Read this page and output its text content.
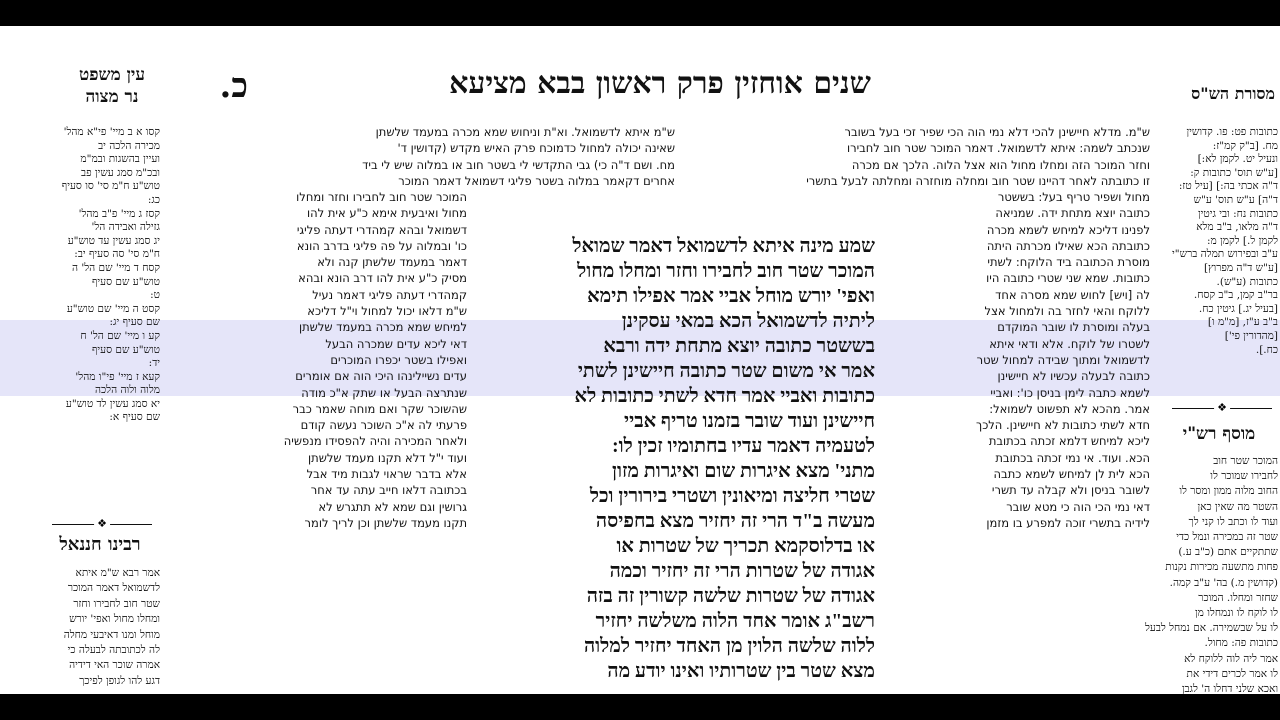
כ.	שנים אוחזין פרק ראשון בבא מציעא
עין משפט
נר מצוה	מסורת הש"ס
קסו א ב מיי' פי"א מהל'
מכירה הלכה יב
ועיין בהשגות ובמ"מ
ובכ"מ סמג עשין פב
טוש"ע ח"מ סי' סו סעיף
כג:
קסז ג מיי' פ"ב מהל'
גזילה ואבידה הל'
יג סמג עשין עד טוש"ע
ח"מ סי' סה סעיף יב:
קסח ד מיי' שם הל' ה
טוש"ע שם סעיף
ט:
קסט ה מיי' שם טוש"ע
שם סעיף יג:
קע ו מיי' שם הל' ח
טוש"ע שם סעיף
יד:
קעא ז מיי' פי"ו מהל'
מלוה ולוה הלכה
יא סמג עשין לד טוש"ע
שם סעיף א:
❖
רבינו חננאל
אמר רבא ש"מ איתא
לדשמואל דאמר המוכר
שטר חוב לחבירו וחזר
ומחלו מחול ואפי' יורש
מוחל ומנו דאיבעי מחלה
לה לכתובתה לבעלה כי
אמרה שוכר האי דידיה
דגע להו לגופן לפיכך
ש"מ איתא לדשמואל. וא"ת וניחוש שמא מכרה במעמד שלשתן
שאינה יכולה למחול כדמוכח פרק האיש מקדש (קדושין ד'
מח. ושם ד"ה כי) גבי התקדשי לי בשטר חוב או במלוה שיש לי ביד
אחרים דקאמר במלוה בשטר פליגי דשמואל דאמר המוכר
המוכר שטר חוב לחבירו וחזר ומחלו
מחול ואיבעית אימא כ"ע אית להו
דשמואל ובהא קמהדרי דעתה פליגי
כו' ובמלוה על פה פליגי בדרב הונא
דאמר במעמד שלשתן קנה ולא
מסיק כ"ע אית להו דרב הונא ובהא
קמהדרי דעתה פליגי דאמר נעיל
ש"מ דלאו יכול למחול וי"ל דליכא
למיחש שמא מכרה במעמד שלשתן
דאי ליכא עדים שמכרה הבעל
ואפילו בשטר יכפרו המוכרים
עדים נשיילינהו היכי הוה אם אומרים
שנתרצה הבעל או שתק א"כ מודה
שהשוכר שקר ואם מוחה שאמר כבר
פרעתי לה א"כ השוכר נעשה קודם
ולאחר המכירה והיה להפסידו מנפשיה
ועוד י"ל דלא תקנו מעמד שלשתן
אלא בדבר שראוי לגבות מיד אבל
בכתובה דלאו חייב עתה עד אחר
גרושין וגם שמא לא תתגרש לא
תקנו מעמד שלשתן וכן לריך לומר
שמע מינה איתא לדשמואל דאמר שמואל
המוכר שטר חוב לחבירו וחזר ומחלו מחול
ואפי' יורש מוחל אביי אמר אפילו תימא
ליתיה לדשמואל הכא במאי עסקינן
בששטר כתובה יוצא מתחת ידה ורבא
אמר אי משום שטר כתובה חיישינן לשתי
כתובות ואביי אמר חדא לשתי כתובות לא
חיישינן ועוד שובר בזמנו טריף אביי
לטעמיה דאמר עדיו בחתומיו זכין לו:
מתני' מצא איגרות שום ואיגרות מזון
שטרי חליצה ומיאונין ושטרי בירורין וכל
מעשה ב"ד הרי זה יחזיר מצא בחפיסה
או בדלוסקמא תכריך של שטרות או
אגודה של שטרות הרי זה יחזיר וכמה
אגודה של שטרות שלשה קשורין זה בזה
רשב"ג אומר אחד הלוה משלשה יחזיר
ללוה שלשה הלוין מן האחד יחזיר למלוה
מצא שטר בין שטרותיו ואינו יודע מה
ש"מ. מדלא חיישינן להכי דלא נמי הוה הכי שפיר זכי בעל בשובר
שנכתב לשמה: איתא לדשמואל. דאמר המוכר שטר חוב לחבירו
וחזר המוכר הזה ומחלו מחול הוא אצל הלוה. הלכך אם מכרה
זו כתובתה לאחר דהיינו שטר חוב ומחלה מוחזרה ומחלתה לבעל בתשרי
מחול ושפיר טריף בעל: בששטר
כתובה יוצא מתחת ידה. שמניאה
לפנינו דליכא למיחש לשמא מכרה
כתובתה הכא שאילו מכרתה היתה
מוסרת הכתובה ביד הלוקח: לשתי
כתובות. שמא שני שטרי כתובה היו
לה [ויש] לחוש שמא מסרה אחד
ללוקח והאי לחזר בה ולמחול אצל
בעלה ומוסרת לו שובר המוקדם
לשטרו של לוקח. אלא ודאי איתא
לדשמואל ומתוך שבידה למחול שטר
כתובה לבעלה עכשיו לא חיישינן
לשמא כתבה לימן בניסן כו': ואביי
אמר. מהכא לא תפשוט לשמואל:
חדא לשתי כתובות לא חיישינן. הלכך
ליכא למיחש דלמא זכתה בכתובת
הכא. ועוד. אי נמי זכתה בכתובת
הכא לית לן למיחש לשמא כתבה
לשובר בניסן ולא קבלה עד תשרי
דאי נמי הכי הוה כי מטא שובר
לידיה בתשרי זוכה למפרע בו מזמן
כתובות פט: פו. קדושין
מח. [ב"ק קמ"ז:
ונעיל יט. לקמן לא:]
[ע"ש תוס' כתובות ק:
ד"ה אכתי בה:] [עיל טז:
ד"ה] ע"ש תוס' ע"ש
כתובות נח: ובי גיטין
ד"ה מלאו, ב"ב מלא
לקמן ל.] לקמן מ:
ע"ב ובפירוש תמלה ברש"י
[ע"ש ד"ה מפרוץ]
כתובות (ע"ש).
בר"ב קמן, ב"ב קסח.
[בעיל יג.] גיטין כח.
ב"ב ע"ז, [מ"מ ו]
[מהדורין פי']
כח.].
❖
מוסף רש"י
המוכר שטר חוב
לחבירו שמוכר לו
החוב מלוה ממון ומסר לו
השטר מה שאין כאן
ועוד לו וכתב לו קני לך
שטר זה במכירה ונמל כדי
שתתקיים אתם (כ"ב ע.)
פחות מתשעה מכירות נקנות
(קדושין מ.) בה' ע"ב קמה.
שחזר ומחלו. המוכר
לו לוקח לו ונמחלו מן
לו על שבשמירה. אם נמחל לבעל
כתובות פה: מחול.
אמר ליה לוה ללוקח לא
לו אמר לכרים דידי את
ואכא שלני דחלו ה' לגבן
